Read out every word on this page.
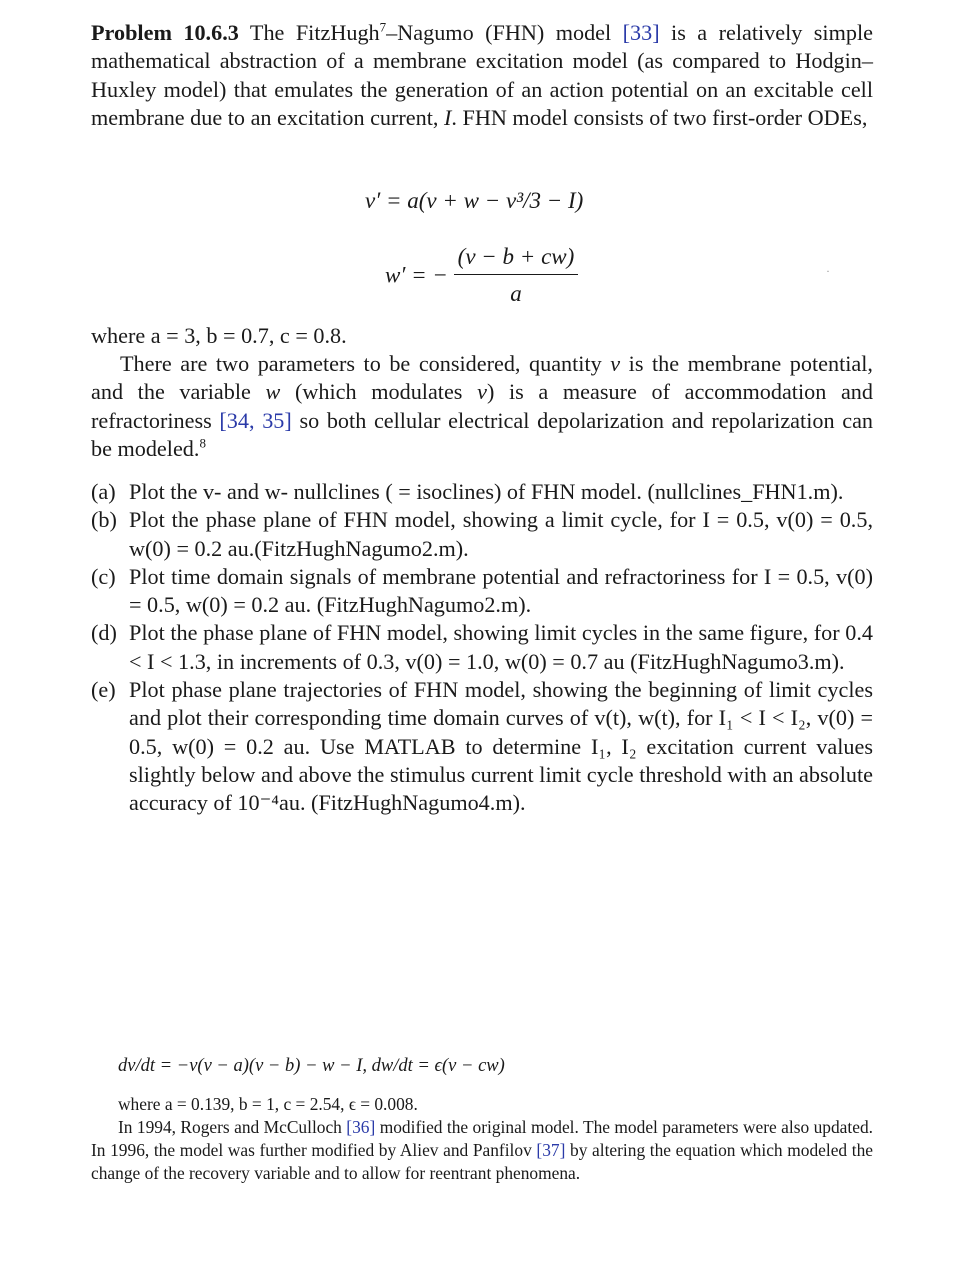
Problem 10.6.3 The FitzHugh$^7$–Nagumo (FHN) model [33] is a relatively simple mathematical abstraction of a membrane excitation model (as compared to Hodgin–Huxley model) that emulates the generation of an action potential on an excitable cell membrane due to an excitation current, I. FHN model consists of two first-order ODEs,
v′ = a(v + w − v³/3 − I)
w′ = − $\frac{(v - b + cw)}{a}$	·
where a = 3, b = 0.7, c = 0.8.
There are two parameters to be considered, quantity v is the membrane potential, and the variable w (which modulates v) is a measure of accommodation and refractoriness [34, 35] so both cellular electrical depolarization and repolarization can be modeled.$^8$
(a) Plot the v- and w- nullclines ( = isoclines) of FHN model. (nullclines_FHN1.m).
(b) Plot the phase plane of FHN model, showing a limit cycle, for I = 0.5, v(0) = 0.5, w(0) = 0.2 au.(FitzHughNagumo2.m).
(c) Plot time domain signals of membrane potential and refractoriness for I = 0.5, v(0) = 0.5, w(0) = 0.2 au. (FitzHughNagumo2.m).
(d) Plot the phase plane of FHN model, showing limit cycles in the same figure, for 0.4 < I < 1.3, in increments of 0.3, v(0) = 1.0, w(0) = 0.7 au (FitzHughNagumo3.m).
(e) Plot phase plane trajectories of FHN model, showing the beginning of limit cycles and plot their corresponding time domain curves of v(t), w(t), for I₁ < I < I₂, v(0) = 0.5, w(0) = 0.2 au. Use MATLAB to determine I₁, I₂ excitation current values slightly below and above the stimulus current limit cycle threshold with an absolute accuracy of 10⁻⁴au. (FitzHughNagumo4.m).
dv/dt = −v(v − a)(v − b) − w − I, dw/dt = ϵ(v − cw)
where a = 0.139, b = 1, c = 2.54, ϵ = 0.008.
In 1994, Rogers and McCulloch [36] modified the original model. The model parameters were also updated. In 1996, the model was further modified by Aliev and Panfilov [37] by altering the equation which modeled the change of the recovery variable and to allow for reentrant phenomena.
